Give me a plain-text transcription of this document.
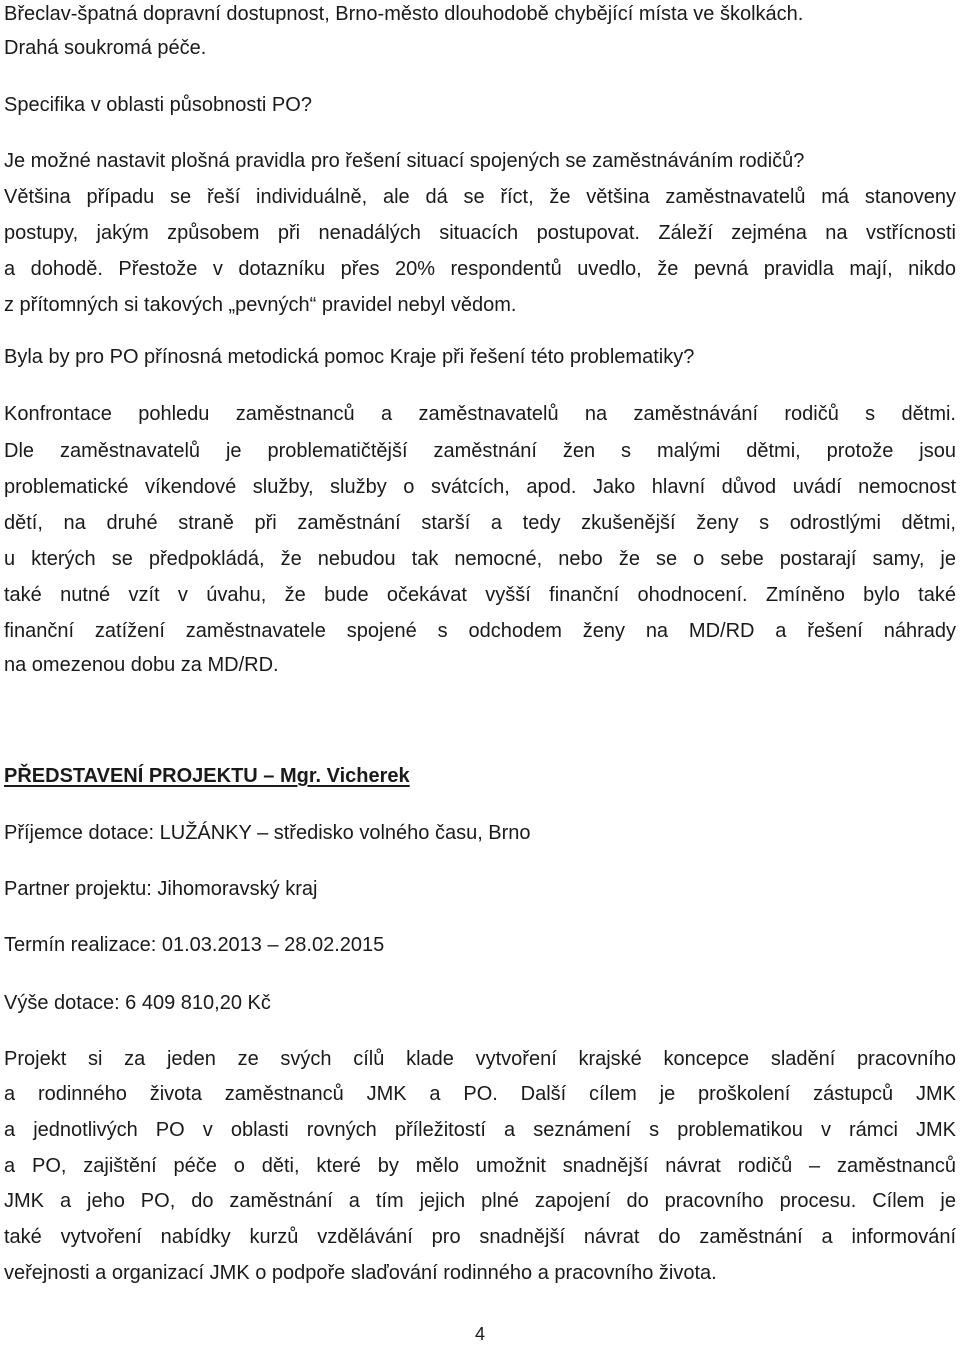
Břeclav-špatná dopravní dostupnost, Brno-město dlouhodobě chybějící místa ve školkách.

Drahá soukromá péče.

Specifika v oblasti působnosti PO?

Je možné nastavit plošná pravidla pro řešení situací spojených se zaměstnáváním rodičů?

Většina případu se řeší individuálně, ale dá se říct, že většina zaměstnavatelů má stanoveny

postupy, jakým způsobem při nenadálých situacích postupovat. Záleží zejména na vstřícnosti

a dohodě. Přestože v dotazníku přes 20% respondentů uvedlo, že pevná pravidla mají, nikdo

z přítomných si takových „pevných“ pravidel nebyl vědom.

Byla by pro PO přínosná metodická pomoc Kraje při řešení této problematiky?

Konfrontace pohledu zaměstnanců a zaměstnavatelů na zaměstnávání rodičů s dětmi.

Dle zaměstnavatelů je problematičtější zaměstnání žen s malými dětmi, protože jsou

problematické víkendové služby, služby o svátcích, apod. Jako hlavní důvod uvádí nemocnost

dětí, na druhé straně při zaměstnání starší a tedy zkušenější ženy s odrostlými dětmi,

u kterých se předpokládá, že nebudou tak nemocné, nebo že se o sebe postarají samy, je

také nutné vzít v úvahu, že bude očekávat vyšší finanční ohodnocení. Zmíněno bylo také

finanční zatížení zaměstnavatele spojené s odchodem ženy na MD/RD a řešení náhrady

na omezenou dobu za MD/RD.

PŘEDSTAVENÍ PROJEKTU – Mgr. Vicherek

Příjemce dotace: LUŽÁNKY – středisko volného času, Brno

Partner projektu: Jihomoravský kraj

Termín realizace: 01.03.2013 – 28.02.2015

Výše dotace: 6 409 810,20 Kč

Projekt si za jeden ze svých cílů klade vytvoření krajské koncepce sladění pracovního

a rodinného života zaměstnanců JMK a PO. Další cílem je proškolení zástupců JMK

a jednotlivých PO v oblasti rovných příležitostí a seznámení s problematikou v rámci JMK

a PO, zajištění péče o děti, které by mělo umožnit snadnější návrat rodičů – zaměstnanců

JMK a jeho PO, do zaměstnání a tím jejich plné zapojení do pracovního procesu. Cílem je

také vytvoření nabídky kurzů vzdělávání pro snadnější návrat do zaměstnání a informování

veřejnosti a organizací JMK o podpoře slaďování rodinného a pracovního života.

4
